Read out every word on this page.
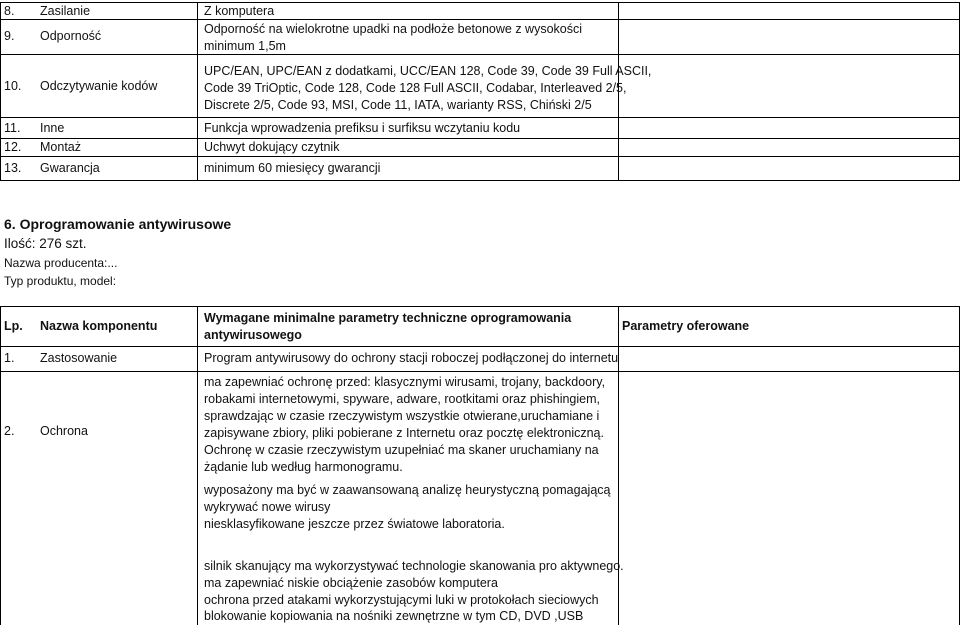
8. Zasilanie	Z komputera
9. Odporność	Odporność na wielokrotne upadki na podłoże betonowe z wysokości
minimum 1,5m
10. Odczytywanie kodów
UPC/EAN, UPC/EAN z dodatkami, UCC/EAN 128, Code 39, Code 39 Full ASCII,
Code 39 TriOptic, Code 128, Code 128 Full ASCII, Codabar, Interleaved 2/5,
Discrete 2/5, Code 93, MSI, Code 11, IATA, warianty RSS, Chiński 2/5
11. Inne	Funkcja wprowadzenia prefiksu i surfiksu wczytaniu kodu
12. Montaż	Uchwyt dokujący czytnik
13. Gwarancja	minimum 60 miesięcy gwarancji
6. Oprogramowanie antywirusowe
Ilość: 276 szt.
Nazwa producenta:...
Typ produktu, model:
Lp. Nazwa komponentu
Wymagane minimalne parametry techniczne oprogramowania
antywirusowego
Parametry oferowane
1. Zastosowanie	Program antywirusowy do ochrony stacji roboczej podłączonej do internetu
2. Ochrona
ma zapewniać ochronę przed: klasycznymi wirusami, trojany, backdoory,
robakami internetowymi, spyware, adware, rootkitami oraz phishingiem,
sprawdzając w czasie rzeczywistym wszystkie otwierane,uruchamiane i
zapisywane zbiory, pliki pobierane z Internetu oraz pocztę elektroniczną.
Ochronę w czasie rzeczywistym uzupełniać ma skaner uruchamiany na
żądanie lub według harmonogramu.
wyposażony ma być w zaawansowaną analizę heurystyczną pomagającą
wykrywać nowe wirusy
niesklasyfikowane jeszcze przez światowe laboratoria.
silnik skanujący ma wykorzystywać technologie skanowania pro aktywnego.
ma zapewniać niskie obciążenie zasobów komputera
ochrona przed atakami wykorzystującymi luki w protokołach sieciowych
blokowanie kopiowania na nośniki zewnętrzne w tym CD, DVD ,USB
